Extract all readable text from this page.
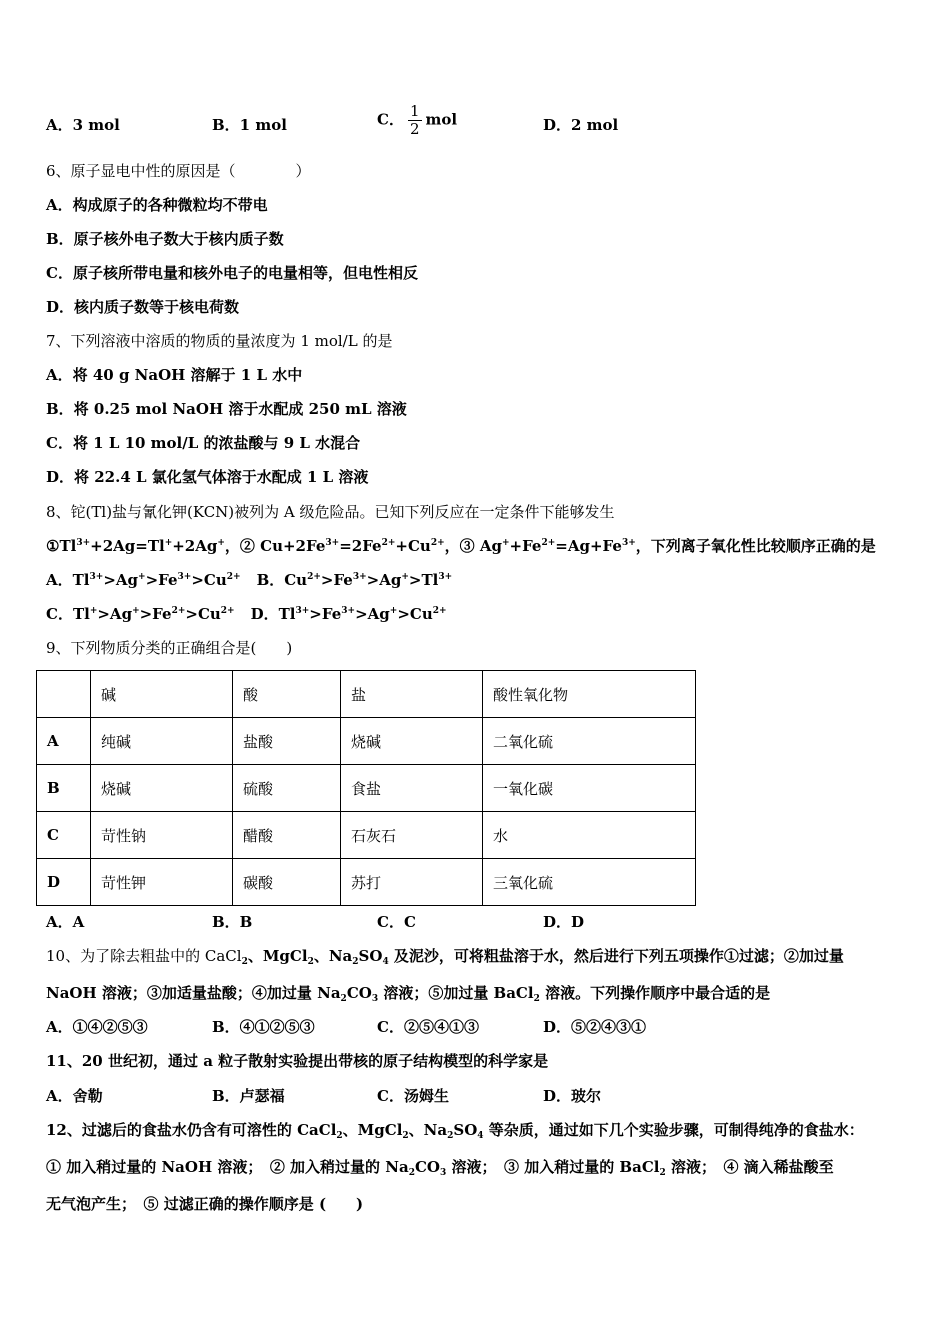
A．3 mol	B．1 mol	C． $\frac{1}{2}$ mol	D．2 mol
6、原子显电中性的原因是（　　　　）
A．构成原子的各种微粒均不带电
B．原子核外电子数大于核内质子数
C．原子核所带电量和核外电子的电量相等，但电性相反
D．核内质子数等于核电荷数
7、下列溶液中溶质的物质的量浓度为 1 mol/L 的是
A．将 40 g NaOH 溶解于 1 L 水中
B．将 0.25 mol NaOH 溶于水配成 250 mL 溶液
C．将 1 L 10 mol/L 的浓盐酸与 9 L 水混合
D．将 22.4 L 氯化氢气体溶于水配成 1 L 溶液
8、铊(Tl)盐与氰化钾(KCN)被列为 A 级危险品。已知下列反应在一定条件下能够发生
$①Tl^{3+}+2Ag=Tl^++2Ag^+$，② $Cu+2Fe^{3+}=2Fe^{2+}+Cu^{2+}$，③ $Ag^++Fe^{2+}=Ag+Fe^{3+}$，下列离子氧化性比较顺序正确的是
A．$Tl^{3+}>Ag^+>Fe^{3+}>Cu^{2+}$ B．$Cu^{2+}>Fe^{3+}>Ag^+>Tl^{3+}$
C．$Tl^+>Ag^+>Fe^{2+}>Cu^{2+}$ D．$Tl^{3+}>Fe^{3+}>Ag^+>Cu^{2+}$
9、下列物质分类的正确组合是(　　)
	碱	酸	盐	酸性氧化物
A	纯碱	盐酸	烧碱	二氧化硫
B	烧碱	硫酸	食盐	一氧化碳
C	苛性钠	醋酸	石灰石	水
D	苛性钾	碳酸	苏打	三氧化硫
A．A	B．B	C．C	D．D
10、为了除去粗盐中的 CaCl$_2$、MgCl$_2$、$Na_2SO_4$ 及泥沙，可将粗盐溶于水，然后进行下列五项操作①过滤；②加过量
NaOH 溶液；③加适量盐酸；④加过量 $Na_2CO_3$ 溶液；⑤加过量 BaCl$_2$ 溶液。下列操作顺序中最合适的是
A．①④②⑤③	B．④①②⑤③	C．②⑤④①③	D．⑤②④③①
11、20 世纪初，通过 a 粒子散射实验提出带核的原子结构模型的科学家是
A．舍勒	B．卢瑟福	C．汤姆生	D．玻尔
12、过滤后的食盐水仍含有可溶性的 CaCl$_2$、MgCl$_2$、$Na_2SO_4$ 等杂质，通过如下几个实验步骤，可制得纯净的食盐水：
① 加入稍过量的 NaOH 溶液；　② 加入稍过量的 $Na_2CO_3$ 溶液；　③ 加入稍过量的 BaCl$_2$ 溶液；　④ 滴入稀盐酸至
无气泡产生；　⑤ 过滤正确的操作顺序是 (　　)
